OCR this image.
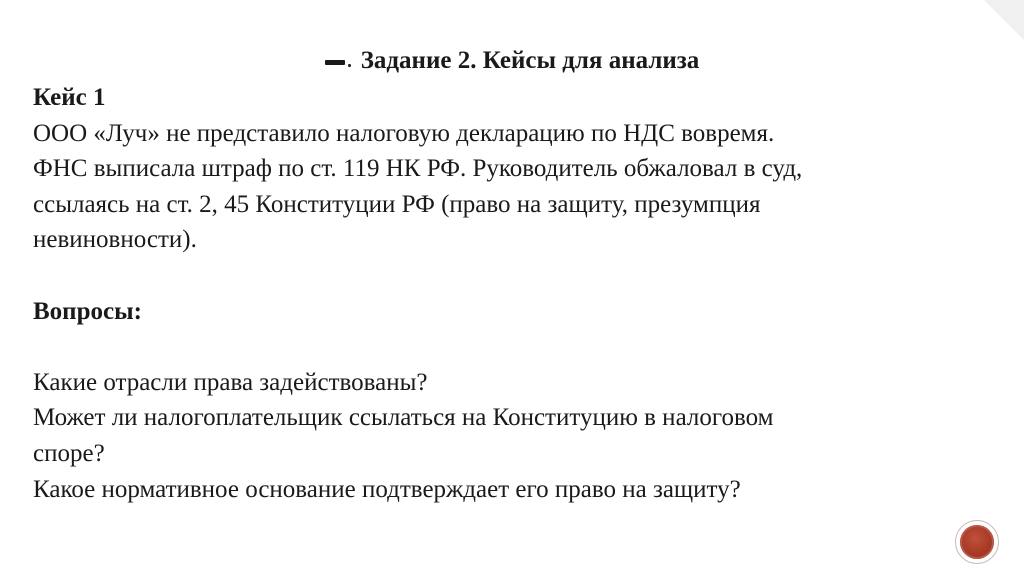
Задание 2. Кейсы для анализа
Кейс 1
ООО «Луч» не представило налоговую декларацию по НДС вовремя.
ФНС выписала штраф по ст. 119 НК РФ. Руководитель обжаловал в суд,
ссылаясь на ст. 2, 45 Конституции РФ (право на защиту, презумпция
невиновности).
Вопросы:
Какие отрасли права задействованы?
Может ли налогоплательщик ссылаться на Конституцию в налоговом
споре?
Какое нормативное основание подтверждает его право на защиту?
